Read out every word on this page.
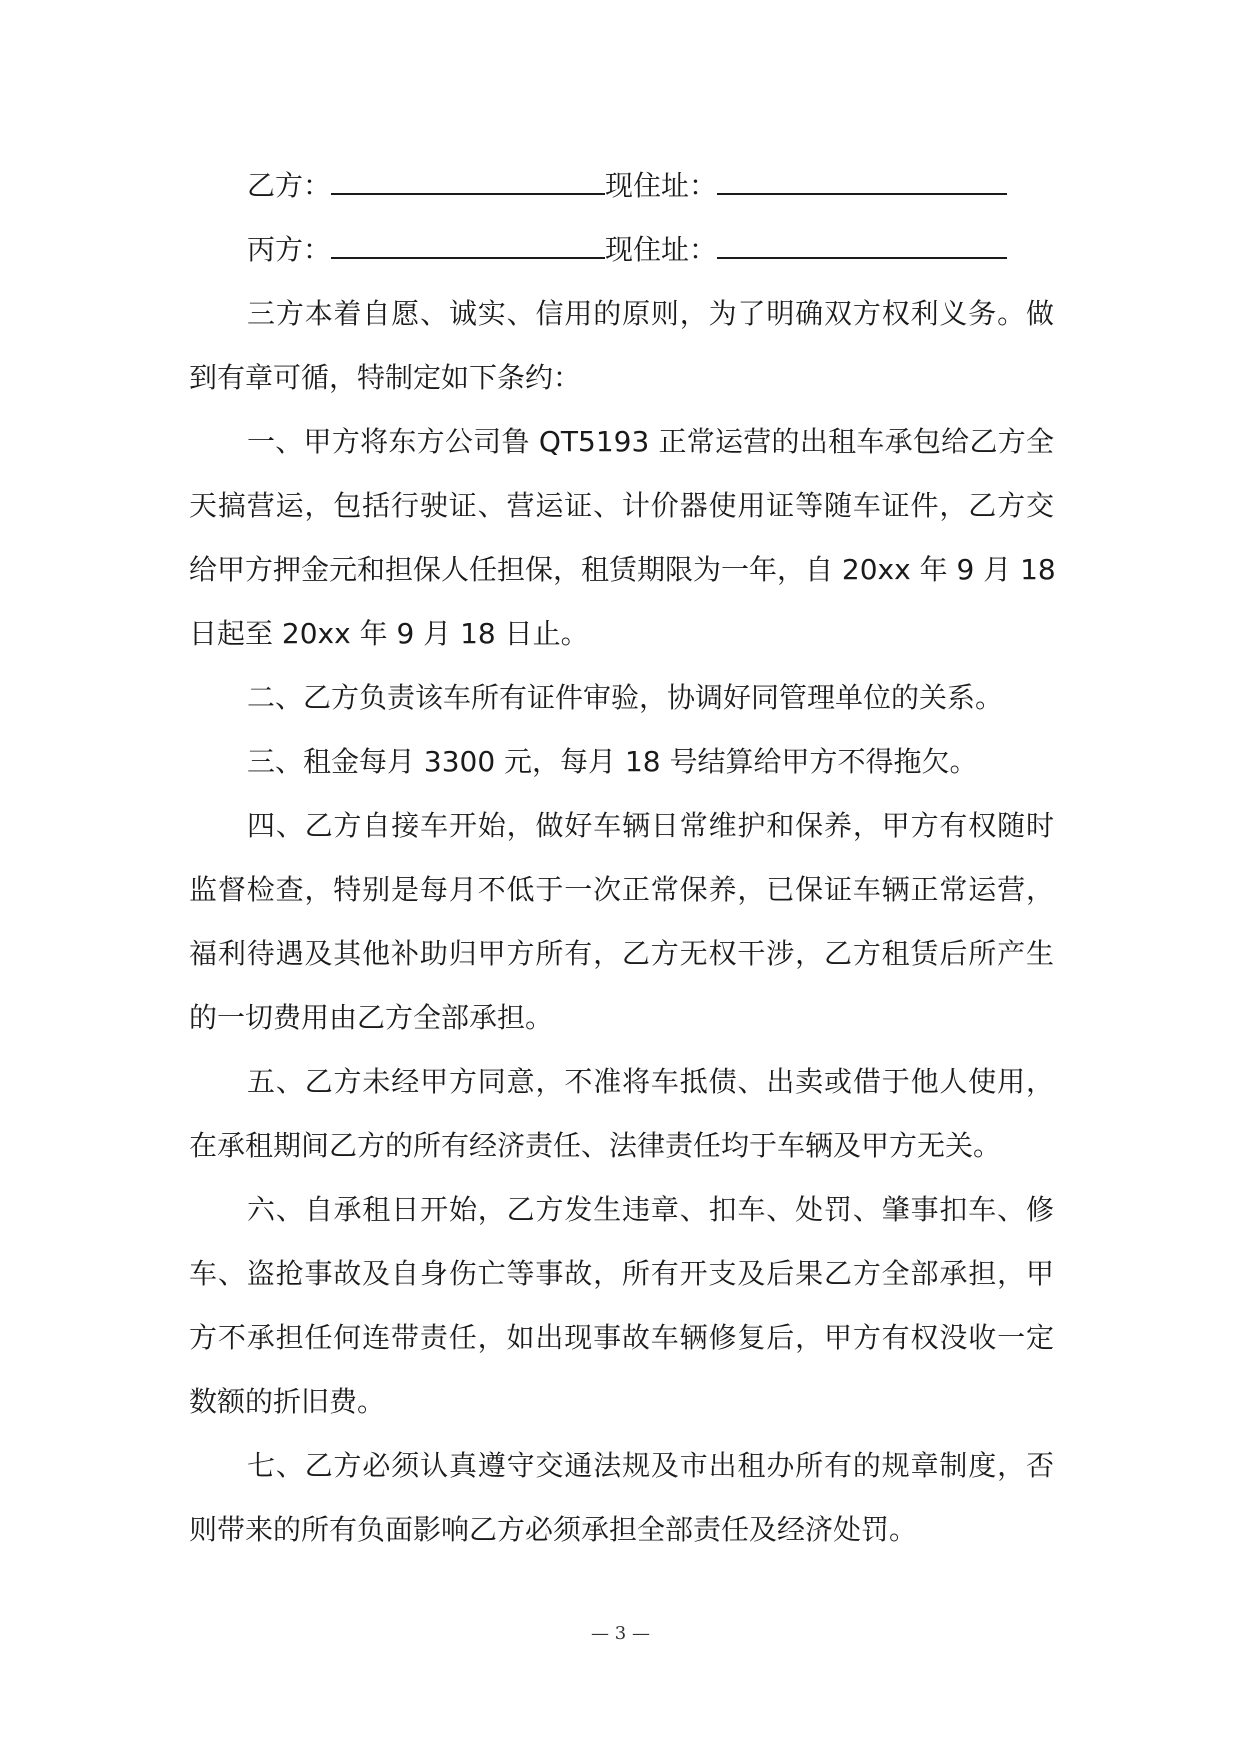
乙方：	现住址：
丙方：	现住址：
三方本着自愿、诚实、信用的原则，为了明确双方权利义务。做
到有章可循，特制定如下条约：
一、甲方将东方公司鲁 QT5193 正常运营的出租车承包给乙方全
天搞营运，包括行驶证、营运证、计价器使用证等随车证件，乙方交
给甲方押金元和担保人任担保，租赁期限为一年，自 20xx 年 9 月 18
日起至 20xx 年 9 月 18 日止。
二、乙方负责该车所有证件审验，协调好同管理单位的关系。
三、租金每月 3300 元，每月 18 号结算给甲方不得拖欠。
四、乙方自接车开始，做好车辆日常维护和保养，甲方有权随时
监督检查，特别是每月不低于一次正常保养，已保证车辆正常运营，
福利待遇及其他补助归甲方所有，乙方无权干涉，乙方租赁后所产生
的一切费用由乙方全部承担。
五、乙方未经甲方同意，不准将车抵债、出卖或借于他人使用，
在承租期间乙方的所有经济责任、法律责任均于车辆及甲方无关。
六、自承租日开始，乙方发生违章、扣车、处罚、肇事扣车、修
车、盗抢事故及自身伤亡等事故，所有开支及后果乙方全部承担，甲
方不承担任何连带责任，如出现事故车辆修复后，甲方有权没收一定
数额的折旧费。
七、乙方必须认真遵守交通法规及市出租办所有的规章制度，否
则带来的所有负面影响乙方必须承担全部责任及经济处罚。
— 3 —
